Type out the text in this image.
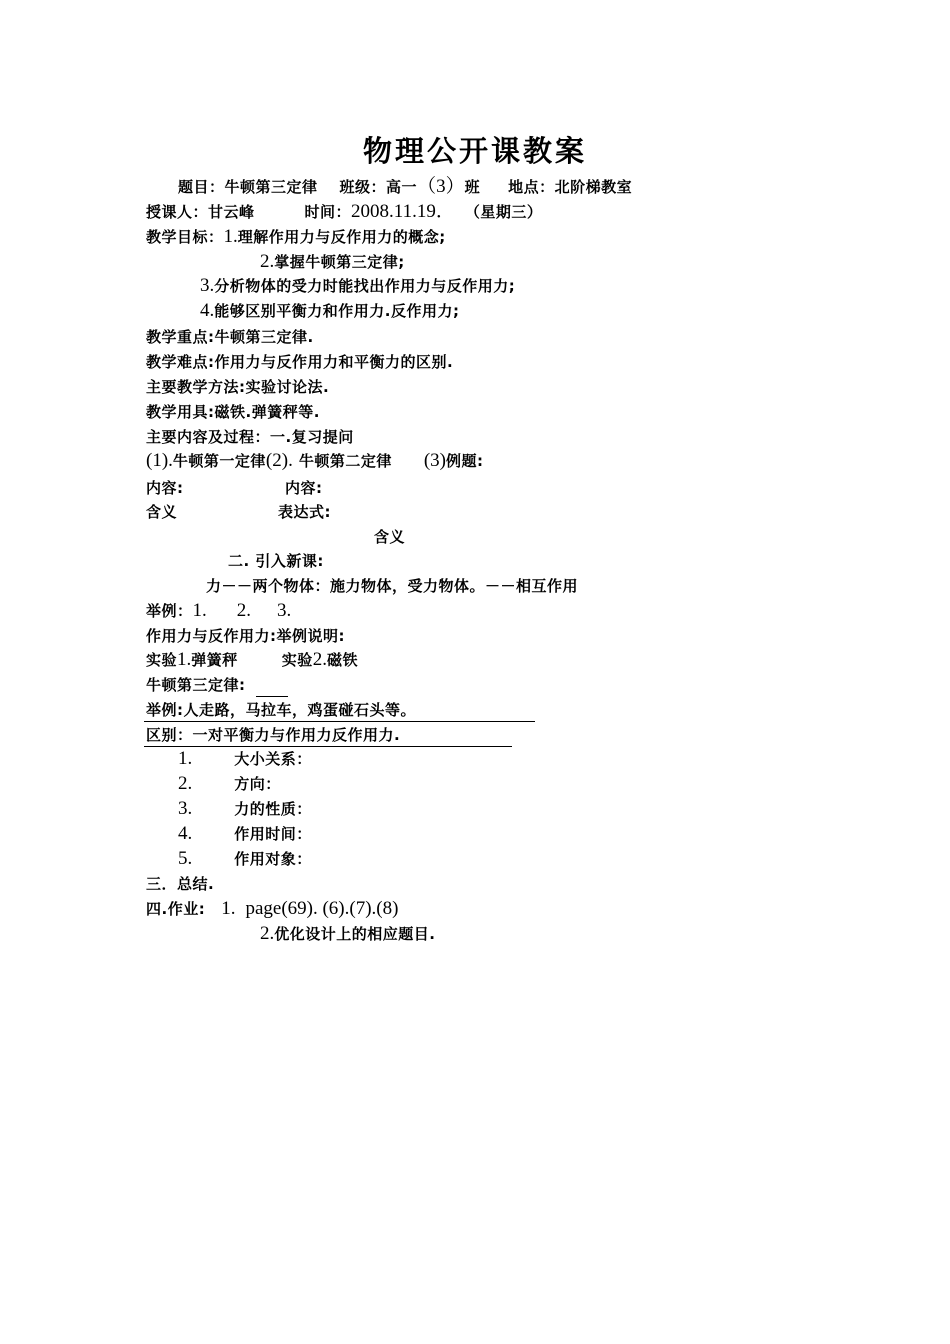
物理公开课教案
题目：牛顿第三定律 班级：高一（3）班 地点：北阶梯教室
授课人：甘云峰	时间：2008.11.19． （星期三）
教学目标：1.理解作用力与反作用力的概念;
2.掌握牛顿第三定律;
3.分析物体的受力时能找出作用力与反作用力;
4.能够区别平衡力和作用力.反作用力;
教学重点:牛顿第三定律.
教学难点:作用力与反作用力和平衡力的区别.
主要教学方法:实验讨论法.
教学用具:磁铁.弹簧秤等.
主要内容及过程：一.复习提问
(1).牛顿第一定律(2). 牛顿第二定律 (3)例题:
内容:	内容:
含义	表达式:
含义
二. 引入新课:
力－－两个物体：施力物体，受力物体。－－相互作用
举例：1. 2. 3.
作用力与反作用力:举例说明:
实验1.弹簧秤	实验2.磁铁
牛顿第三定律:
举例:人走路，马拉车，鸡蛋碰石头等。
区别：一对平衡力与作用力反作用力.
1.	大小关系：
2.	方向：
3.	力的性质：
4.	作用时间：
5.	作用对象：
三．总结.
四.作业: 1. page(69). (6).(7).(8)
2.优化设计上的相应题目.
